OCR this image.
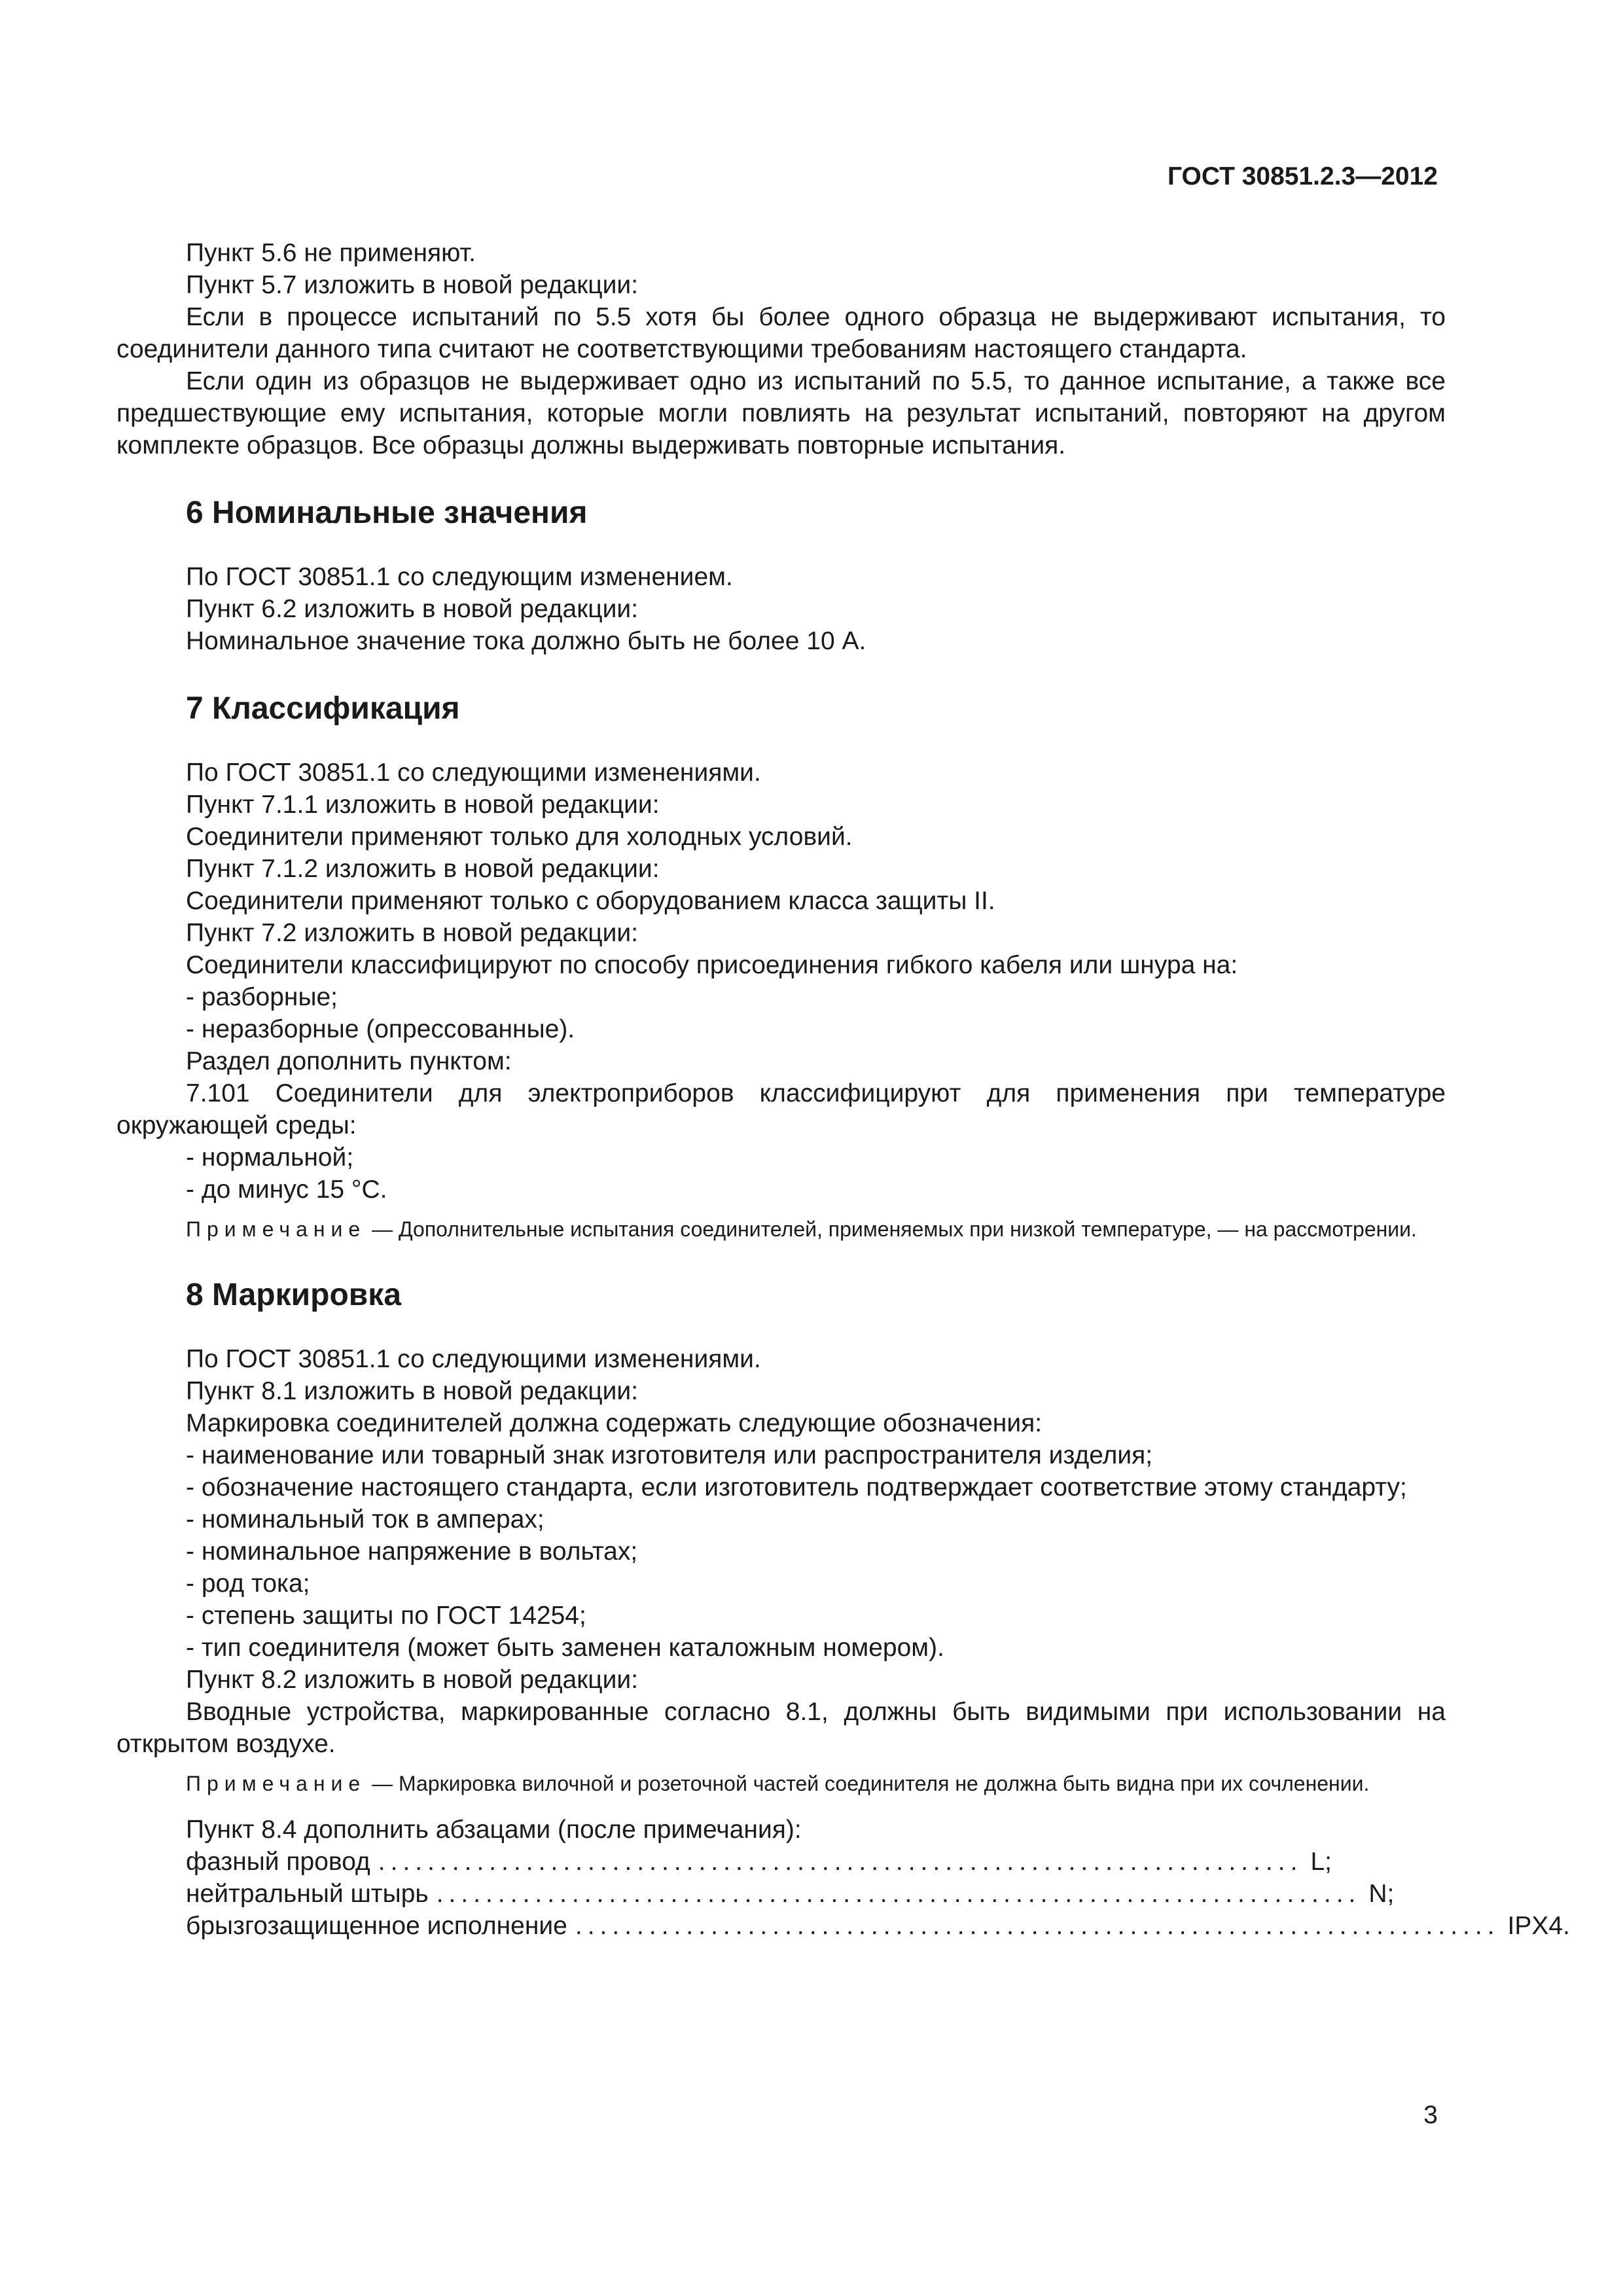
ГОСТ 30851.2.3—2012

Пункт 5.6 не применяют.

Пункт 5.7 изложить в новой редакции:

Если в процессе испытаний по 5.5 хотя бы более одного образца не выдерживают испытания, то соединители данного типа считают не соответствующими требованиям настоящего стандарта.

Если один из образцов не выдерживает одно из испытаний по 5.5, то данное испытание, а также все предшествующие ему испытания, которые могли повлиять на результат испытаний, повторяют на другом комплекте образцов. Все образцы должны выдерживать повторные испытания.

6 Номинальные значения

По ГОСТ 30851.1 со следующим изменением.

Пункт 6.2 изложить в новой редакции:

Номинальное значение тока должно быть не более 10 А.

7 Классификация

По ГОСТ 30851.1 со следующими изменениями.

Пункт 7.1.1 изложить в новой редакции:

Соединители применяют только для холодных условий.

Пункт 7.1.2 изложить в новой редакции:

Соединители применяют только с оборудованием класса защиты II.

Пункт 7.2 изложить в новой редакции:

Соединители классифицируют по способу присоединения гибкого кабеля или шнура на:

- разборные;

- неразборные (опрессованные).

Раздел дополнить пунктом:

7.101 Соединители для электроприборов классифицируют для применения при температуре окружающей среды:

- нормальной;

- до минус 15 °С.

Примечание — Дополнительные испытания соединителей, применяемых при низкой температуре, — на рассмотрении.

8 Маркировка

По ГОСТ 30851.1 со следующими изменениями.

Пункт 8.1 изложить в новой редакции:

Маркировка соединителей должна содержать следующие обозначения:

- наименование или товарный знак изготовителя или распространителя изделия;

- обозначение настоящего стандарта, если изготовитель подтверждает соответствие этому стандарту;

- номинальный ток в амперах;

- номинальное напряжение в вольтах;

- род тока;

- степень защиты по ГОСТ 14254;

- тип соединителя (может быть заменен каталожным номером).

Пункт 8.2 изложить в новой редакции:

Вводные устройства, маркированные согласно 8.1, должны быть видимыми при использовании на открытом воздухе.

Примечание — Маркировка вилочной и розеточной частей соединителя не должна быть видна при их сочленении.

Пункт 8.4 дополнить абзацами (после примечания):

фазный провод ........................................................................... L;
нейтральный штырь ........................................................................... N;
брызгозащищенное исполнение ........................................................................... IPX4.
3
